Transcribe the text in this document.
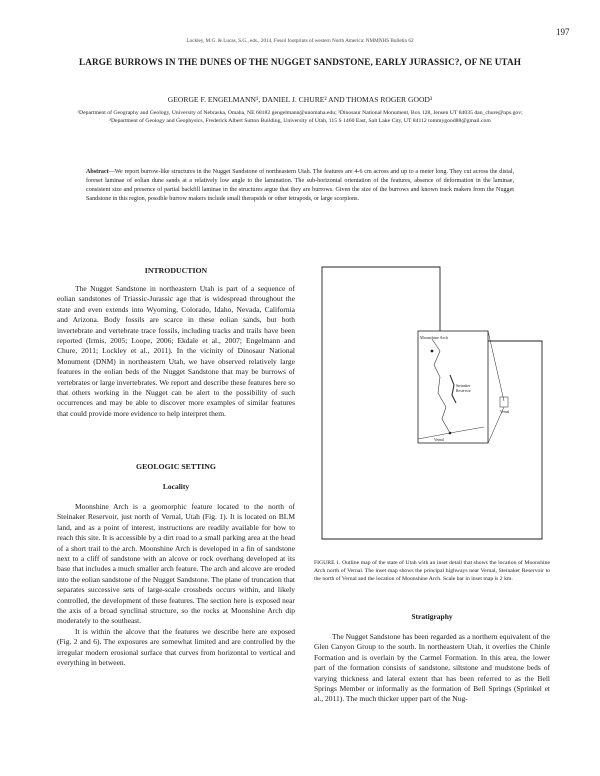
Lockley, M.G. & Lucas, S.G., eds., 2014, Fossil footprints of western North America: NMMNHS Bulletin 62
197
LARGE BURROWS IN THE DUNES OF THE NUGGET SANDSTONE, EARLY JURASSIC?, OF NE UTAH
GEORGE F. ENGELMANN¹, DANIEL J. CHURE² AND THOMAS ROGER GOOD³
¹Department of Geography and Geology, University of Nebraska, Omaha, NE 68182 gengelmann@unomaha.edu; ²Dinosaur National Monument, Box 128, Jensen UT 84035 dan_chure@nps.gov; ³Department of Geology and Geophysics, Frederick Albert Sutton Building, University of Utah, 115 S 1460 East, Salt Lake City, UT 84112 tommygood88@gmail.com
Abstract—We report burrow-like structures in the Nugget Sandstone of northeastern Utah. The features are 4-6 cm across and up to a meter long. They cut across the distal, foreset laminae of eolian dune sands at a relatively low angle to the lamination. The sub-horizontal orientation of the features, absence of deformation in the laminae, consistent size and presence of partial backfill laminae in the structures argue that they are burrows. Given the size of the burrows and known track makers from the Nugget Sandstone in this region, possible burrow makers include small therapsids or other tetrapods, or large scorpions.
INTRODUCTION

The Nugget Sandstone in northeastern Utah is part of a sequence of eolian sandstones of Triassic-Jurassic age that is widespread throughout the state and even extends into Wyoming, Colorado, Idaho, Nevada, California and Arizona. Body fossils are scarce in these eolian sands, but both invertebrate and vertebrate trace fossils, including tracks and trails have been reported (Irmis, 2005; Loope, 2006; Ekdale et al., 2007; Engelmann and Chure, 2011; Lockley et al., 2011). In the vicinity of Dinosaur National Monument (DNM) in northeastern Utah, we have observed relatively large features in the eolian beds of the Nugget Sandstone that may be burrows of vertebrates or large invertebrates. We report and describe these features here so that others working in the Nugget can be alert to the possibility of such occurrences and may be able to discover more examples of similar features that could provide more evidence to help interpret them.

GEOLOGIC SETTING
Locality

Moonshine Arch is a geomorphic feature located to the north of Steinaker Reservoir, just north of Vernal, Utah (Fig. 1). It is located on BLM land, and as a point of interest, instructions are readily available for how to reach this site. It is accessible by a dirt road to a small parking area at the head of a short trail to the arch. Moonshine Arch is developed in a fin of sandstone next to a cliff of sandstone with an alcove or rock overhang developed at its base that includes a much smaller arch feature. The arch and alcove are eroded into the eolian sandstone of the Nugget Sandstone. The plane of truncation that separates successive sets of large-scale crossbeds occurs within, and likely controlled, the development of these features. The section here is exposed near the axis of a broad synclinal structure, so the rocks at Moonshine Arch dip moderately to the southeast.

It is within the alcove that the features we describe here are exposed (Fig. 2 and 6). The exposures are somewhat limited and are controlled by the irregular modern erosional surface that curves from horizontal to vertical and everything in between.

Moonshine Arch
Steinaker
Reservoir
Vernal
Vernal
FIGURE 1. Outline map of the state of Utah with an inset detail that shows the location of Moonshine Arch north of Vernal. The inset map shows the principal highways near Vernal, Steinaker Reservoir to the north of Vernal and the location of Moonshine Arch. Scale bar in inset map is 2 km.
Stratigraphy

The Nugget Sandstone has been regarded as a northern equivalent of the Glen Canyon Group to the south. In northeastern Utah, it overlies the Chinle Formation and is overlain by the Carmel Formation. In this area, the lower part of the formation consists of sandstone, siltstone and mudstone beds of varying thickness and lateral extent that has been referred to as the Bell Springs Member or informally as the formation of Bell Springs (Sprinkel et al., 2011). The much thicker upper part of the Nug-
